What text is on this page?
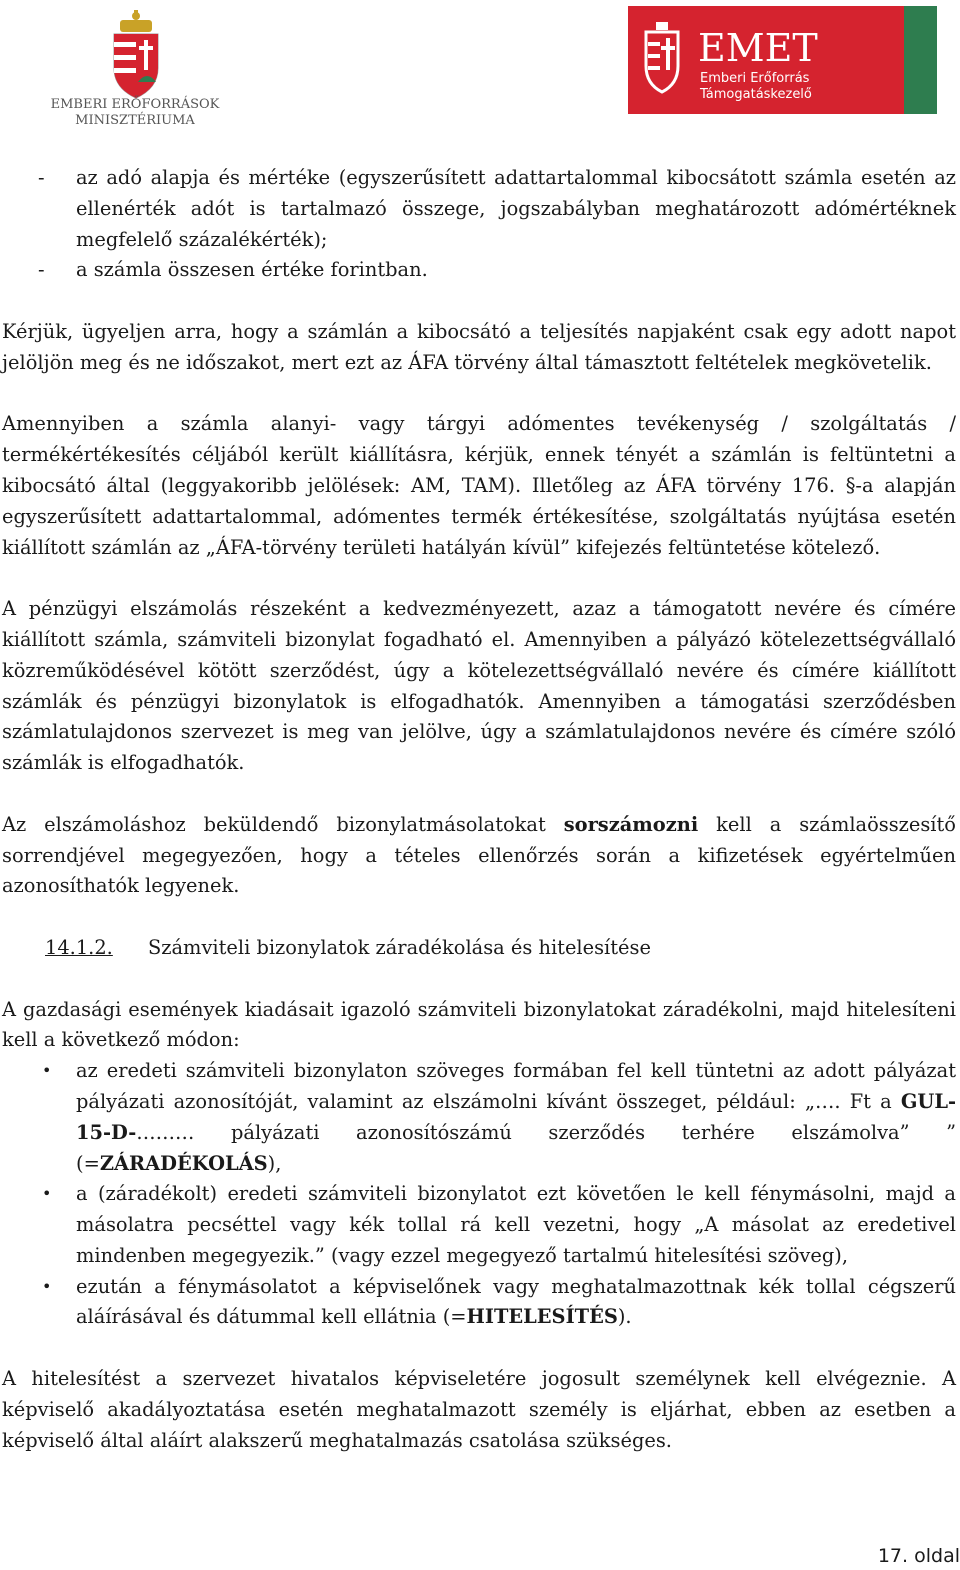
EMBERI ERŐFORRÁSOK
MINISZTÉRIUMA
EMET
Emberi Erőforrás
Támogatáskezelő
- az adó alapja és mértéke (egyszerűsített adattartalommal kibocsátott számla esetén az ellenérték adót is tartalmazó összege, jogszabályban meghatározott adómértéknek megfelelő százalékérték);
- a számla összesen értéke forintban.

Kérjük, ügyeljen arra, hogy a számlán a kibocsátó a teljesítés napjaként csak egy adott napot jelöljön meg és ne időszakot, mert ezt az ÁFA törvény által támasztott feltételek megkövetelik.

Amennyiben a számla alanyi- vagy tárgyi adómentes tevékenység / szolgáltatás / termékértékesítés céljából került kiállításra, kérjük, ennek tényét a számlán is feltüntetni a kibocsátó által (leggyakoribb jelölések: AM, TAM). Illetőleg az ÁFA törvény 176. §-a alapján egyszerűsített adattartalommal, adómentes termék értékesítése, szolgáltatás nyújtása esetén kiállított számlán az „ÁFA-törvény területi hatályán kívül” kifejezés feltüntetése kötelező.

A pénzügyi elszámolás részeként a kedvezményezett, azaz a támogatott nevére és címére kiállított számla, számviteli bizonylat fogadható el. Amennyiben a pályázó kötelezettségvállaló közreműködésével kötött szerződést, úgy a kötelezettségvállaló nevére és címére kiállított számlák és pénzügyi bizonylatok is elfogadhatók. Amennyiben a támogatási szerződésben számlatulajdonos szervezet is meg van jelölve, úgy a számlatulajdonos nevére és címére szóló számlák is elfogadhatók.

Az elszámoláshoz beküldendő bizonylatmásolatokat sorszámozni kell a számlaösszesítő sorrendjével megegyezően, hogy a tételes ellenőrzés során a kifizetések egyértelműen azonosíthatók legyenek.

14.1.2.	Számviteli bizonylatok záradékolása és hitelesítése

A gazdasági események kiadásait igazoló számviteli bizonylatokat záradékolni, majd hitelesíteni kell a következő módon:

• az eredeti számviteli bizonylaton szöveges formában fel kell tüntetni az adott pályázat pályázati azonosítóját, valamint az elszámolni kívánt összeget, például: „…. Ft a GUL-15-D-……… pályázati azonosítószámú szerződés terhére elszámolva” ” (=ZÁRADÉKOLÁS),
• a (záradékolt) eredeti számviteli bizonylatot ezt követően le kell fénymásolni, majd a másolatra pecséttel vagy kék tollal rá kell vezetni, hogy „A másolat az eredetivel mindenben megegyezik.” (vagy ezzel megegyező tartalmú hitelesítési szöveg),
• ezután a fénymásolatot a képviselőnek vagy meghatalmazottnak kék tollal cégszerű aláírásával és dátummal kell ellátnia (=HITELESÍTÉS).

A hitelesítést a szervezet hivatalos képviseletére jogosult személynek kell elvégeznie. A képviselő akadályoztatása esetén meghatalmazott személy is eljárhat, ebben az esetben a képviselő által aláírt alakszerű meghatalmazás csatolása szükséges.

17. oldal
